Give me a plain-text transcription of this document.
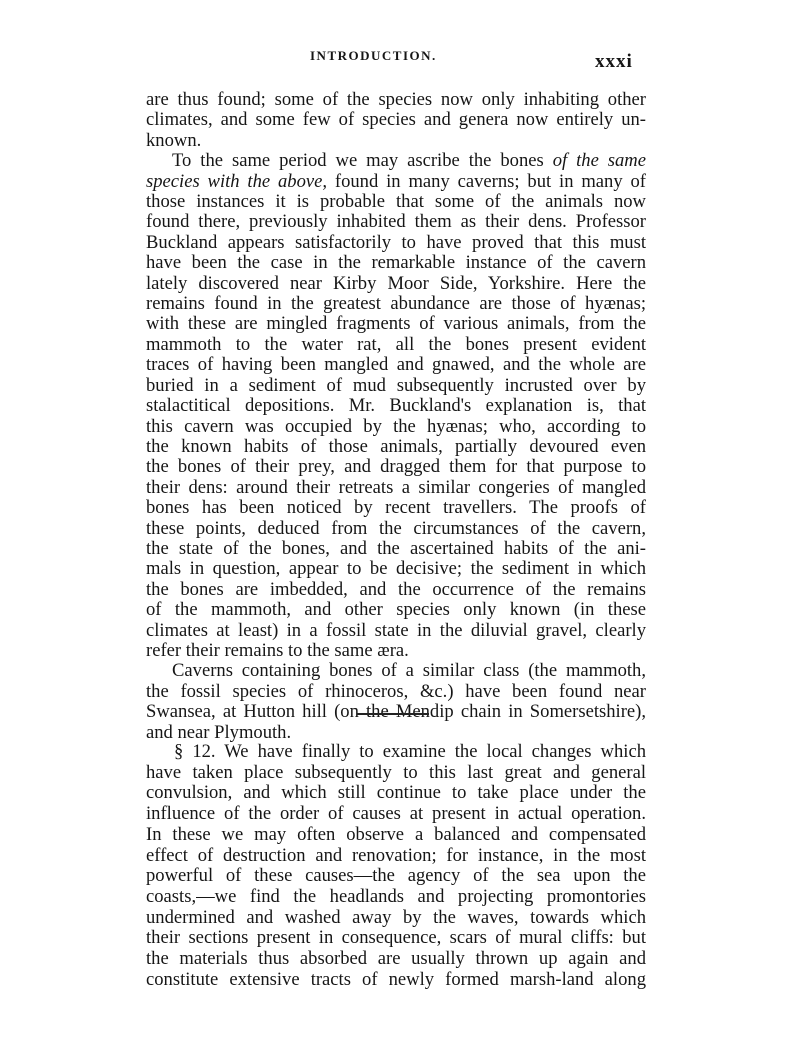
INTRODUCTION.	xxxi

are thus found; some of the species now only inhabiting other
climates, and some few of species and genera now entirely un-
known.

To the same period we may ascribe the bones of the same
species with the above, found in many caverns; but in many of
those instances it is probable that some of the animals now
found there, previously inhabited them as their dens. Professor
Buckland appears satisfactorily to have proved that this must
have been the case in the remarkable instance of the cavern
lately discovered near Kirby Moor Side, Yorkshire. Here the
remains found in the greatest abundance are those of hyænas;
with these are mingled fragments of various animals, from the
mammoth to the water rat, all the bones present evident
traces of having been mangled and gnawed, and the whole are
buried in a sediment of mud subsequently incrusted over by
stalactitical depositions. Mr. Buckland's explanation is, that
this cavern was occupied by the hyænas; who, according to
the known habits of those animals, partially devoured even
the bones of their prey, and dragged them for that purpose to
their dens: around their retreats a similar congeries of mangled
bones has been noticed by recent travellers. The proofs of
these points, deduced from the circumstances of the cavern,
the state of the bones, and the ascertained habits of the ani-
mals in question, appear to be decisive; the sediment in which
the bones are imbedded, and the occurrence of the remains
of the mammoth, and other species only known (in these
climates at least) in a fossil state in the diluvial gravel, clearly
refer their remains to the same æra.

Caverns containing bones of a similar class (the mammoth,
the fossil species of rhinoceros, &c.) have been found near
Swansea, at Hutton hill (on the Mendip chain in Somersetshire),
and near Plymouth.

§ 12. We have finally to examine the local changes which
have taken place subsequently to this last great and general
convulsion, and which still continue to take place under the
influence of the order of causes at present in actual operation.
In these we may often observe a balanced and compensated
effect of destruction and renovation; for instance, in the most
powerful of these causes—the agency of the sea upon the
coasts,—we find the headlands and projecting promontories
undermined and washed away by the waves, towards which
their sections present in consequence, scars of mural cliffs: but
the materials thus absorbed are usually thrown up again and
constitute extensive tracts of newly formed marsh-land along
